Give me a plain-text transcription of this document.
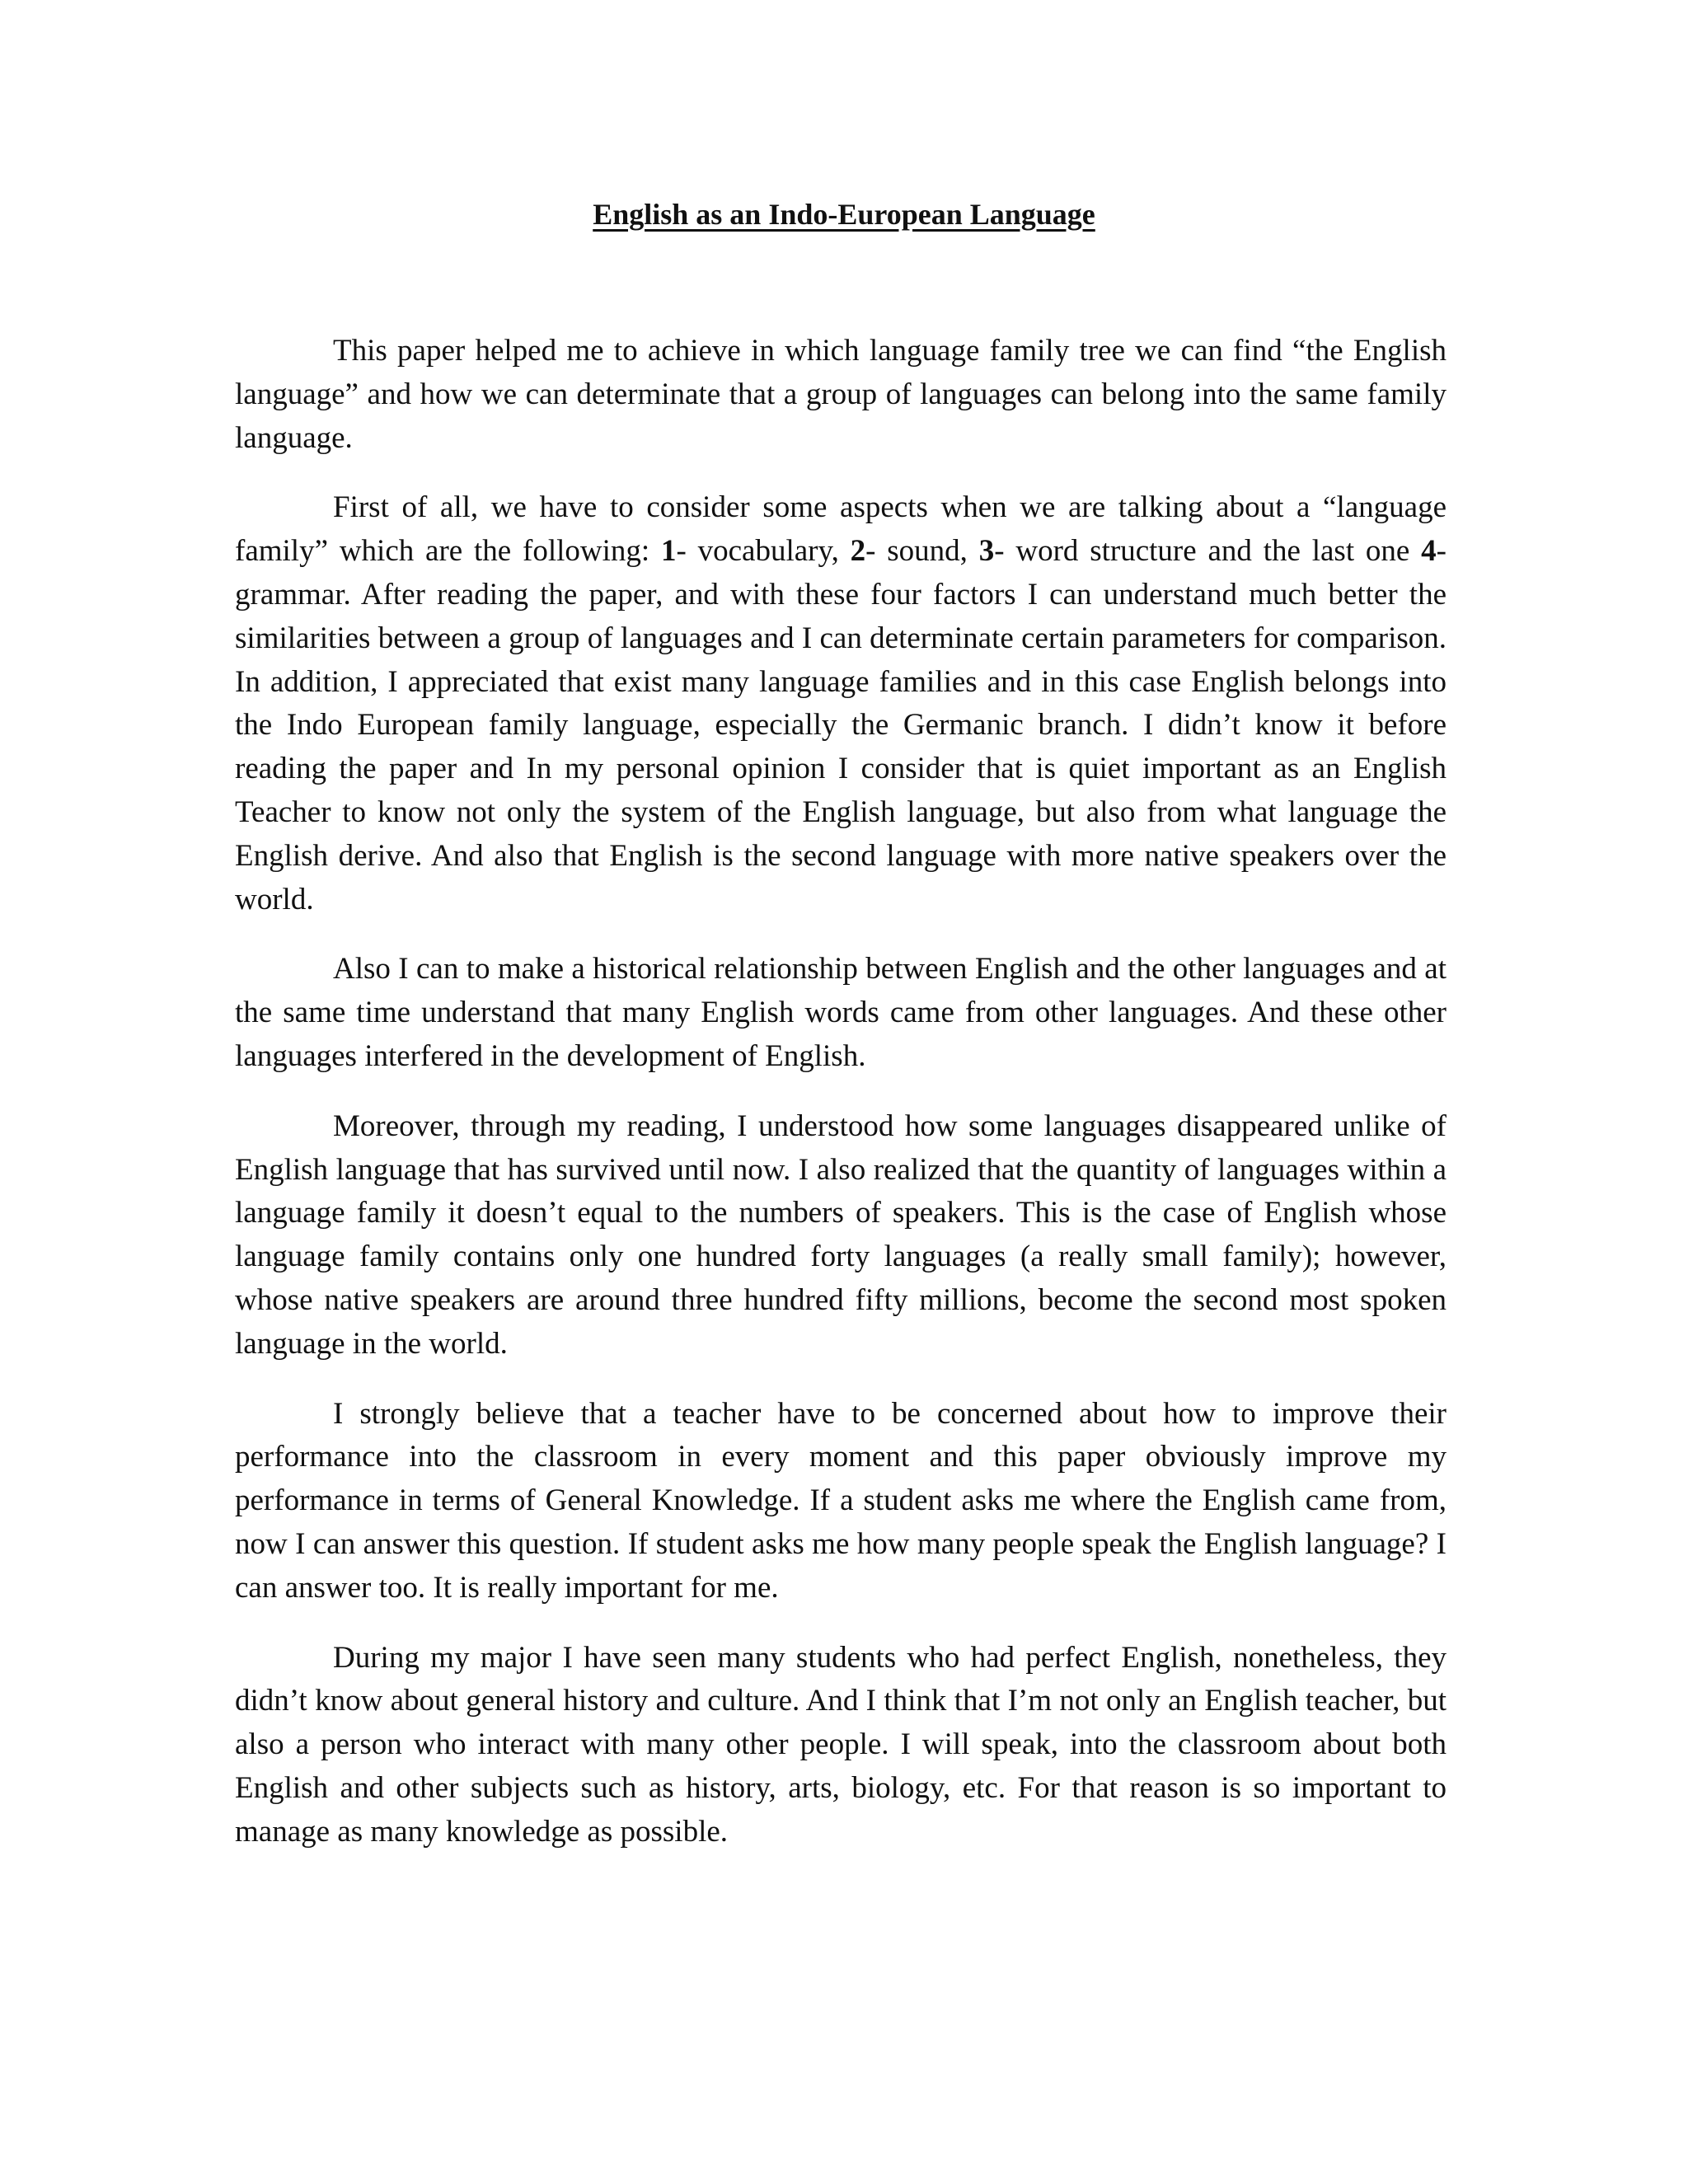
English as an Indo-European Language

This paper helped me to achieve in which language family tree we can find “the English language” and how we can determinate that a group of languages can belong into the same family language.

First of all, we have to consider some aspects when we are talking about a “language family” which are the following: 1- vocabulary, 2- sound, 3- word structure and the last one 4- grammar. After reading the paper, and with these four factors I can understand much better the similarities between a group of languages and I can determinate certain parameters for comparison. In addition, I appreciated that exist many language families and in this case English belongs into the Indo European family language, especially the Germanic branch. I didn’t know it before reading the paper and In my personal opinion I consider that is quiet important as an English Teacher to know not only the system of the English language, but also from what language the English derive. And also that English is the second language with more native speakers over the world.

Also I can to make a historical relationship between English and the other languages and at the same time understand that many English words came from other languages. And these other languages interfered in the development of English.

Moreover, through my reading, I understood how some languages disappeared unlike of English language that has survived until now. I also realized that the quantity of languages within a language family it doesn’t equal to the numbers of speakers. This is the case of English whose language family contains only one hundred forty languages (a really small family); however, whose native speakers are around three hundred fifty millions, become the second most spoken language in the world.

I strongly believe that a teacher have to be concerned about how to improve their performance into the classroom in every moment and this paper obviously improve my performance in terms of General Knowledge. If a student asks me where the English came from, now I can answer this question. If student asks me how many people speak the English language? I can answer too. It is really important for me.

During my major I have seen many students who had perfect English, nonetheless, they didn’t know about general history and culture. And I think that I’m not only an English teacher, but also a person who interact with many other people. I will speak, into the classroom about both English and other subjects such as history, arts, biology, etc. For that reason is so important to manage as many knowledge as possible.
